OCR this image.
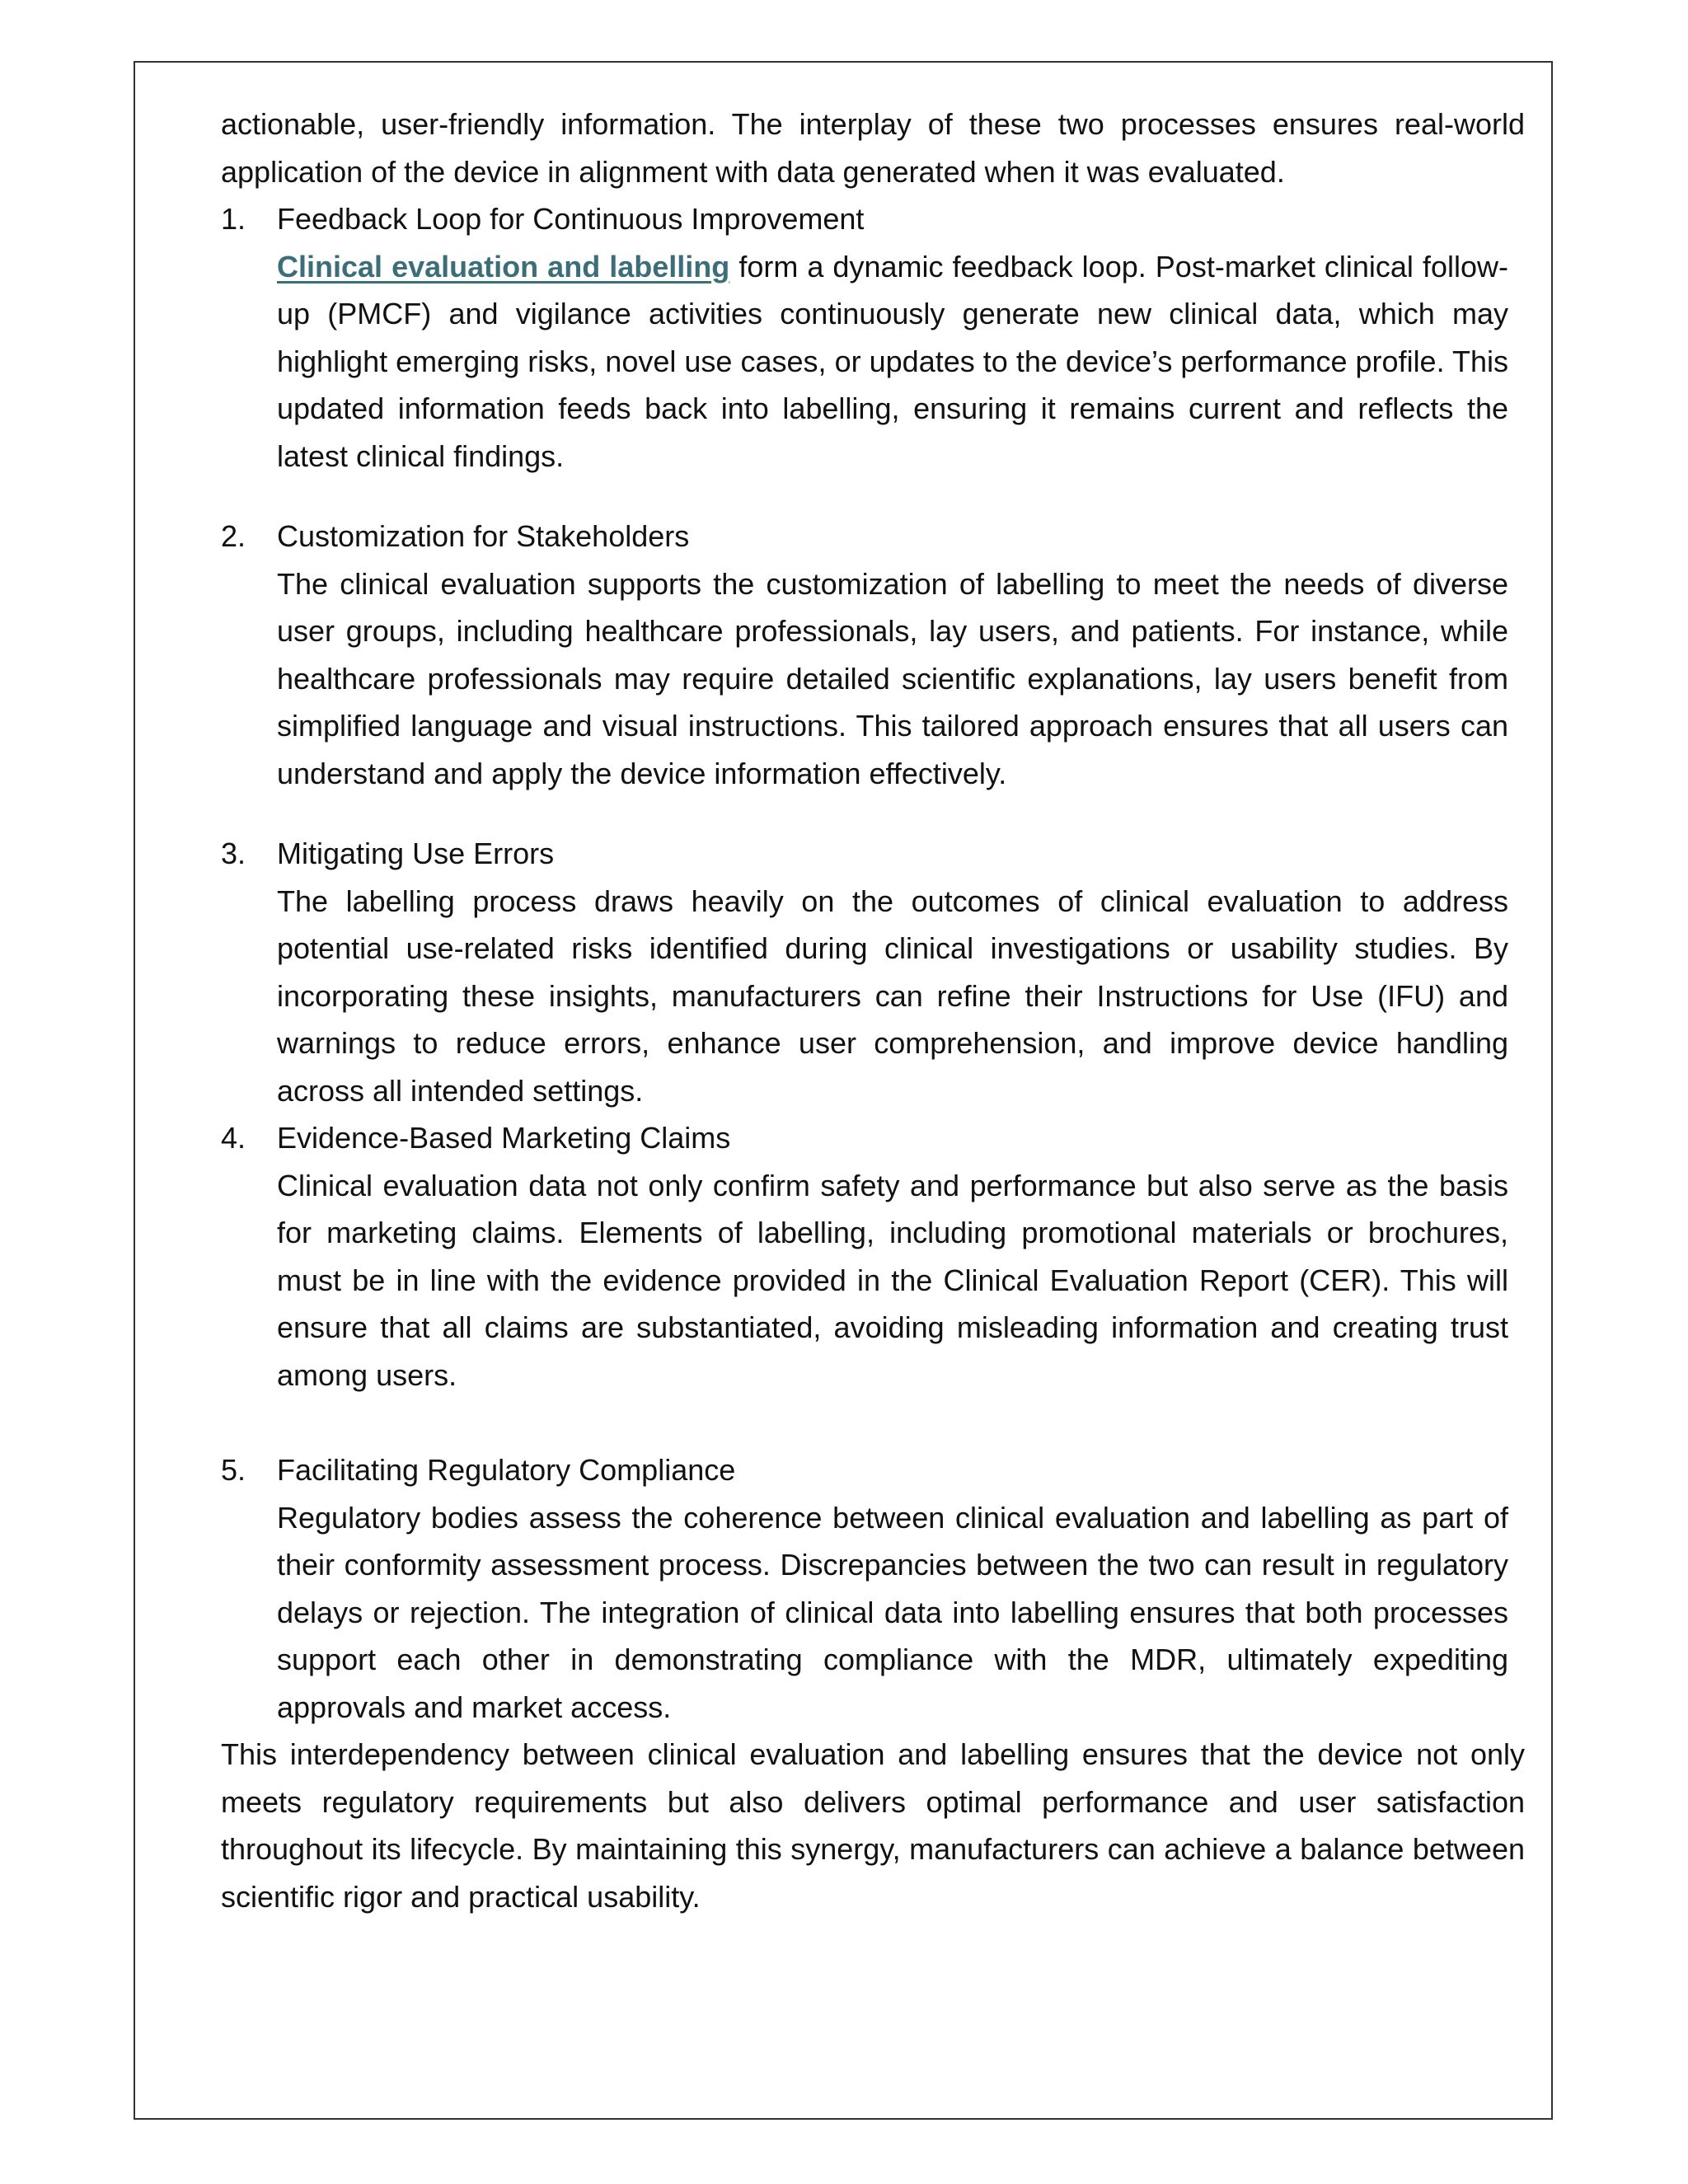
actionable, user-friendly information. The interplay of these two processes ensures real-world application of the device in alignment with data generated when it was evaluated.

1. Feedback Loop for Continuous Improvement

Clinical evaluation and labelling form a dynamic feedback loop. Post-market clinical follow-up (PMCF) and vigilance activities continuously generate new clinical data, which may highlight emerging risks, novel use cases, or updates to the device’s performance profile. This updated information feeds back into labelling, ensuring it remains current and reflects the latest clinical findings.

2. Customization for Stakeholders

The clinical evaluation supports the customization of labelling to meet the needs of diverse user groups, including healthcare professionals, lay users, and patients. For instance, while healthcare professionals may require detailed scientific explanations, lay users benefit from simplified language and visual instructions. This tailored approach ensures that all users can understand and apply the device information effectively.

3. Mitigating Use Errors

The labelling process draws heavily on the outcomes of clinical evaluation to address potential use-related risks identified during clinical investigations or usability studies. By incorporating these insights, manufacturers can refine their Instructions for Use (IFU) and warnings to reduce errors, enhance user comprehension, and improve device handling across all intended settings.

4. Evidence-Based Marketing Claims

Clinical evaluation data not only confirm safety and performance but also serve as the basis for marketing claims. Elements of labelling, including promotional materials or brochures, must be in line with the evidence provided in the Clinical Evaluation Report (CER). This will ensure that all claims are substantiated, avoiding misleading information and creating trust among users.

5. Facilitating Regulatory Compliance

Regulatory bodies assess the coherence between clinical evaluation and labelling as part of their conformity assessment process. Discrepancies between the two can result in regulatory delays or rejection. The integration of clinical data into labelling ensures that both processes support each other in demonstrating compliance with the MDR, ultimately expediting approvals and market access.

This interdependency between clinical evaluation and labelling ensures that the device not only meets regulatory requirements but also delivers optimal performance and user satisfaction throughout its lifecycle. By maintaining this synergy, manufacturers can achieve a balance between scientific rigor and practical usability.
